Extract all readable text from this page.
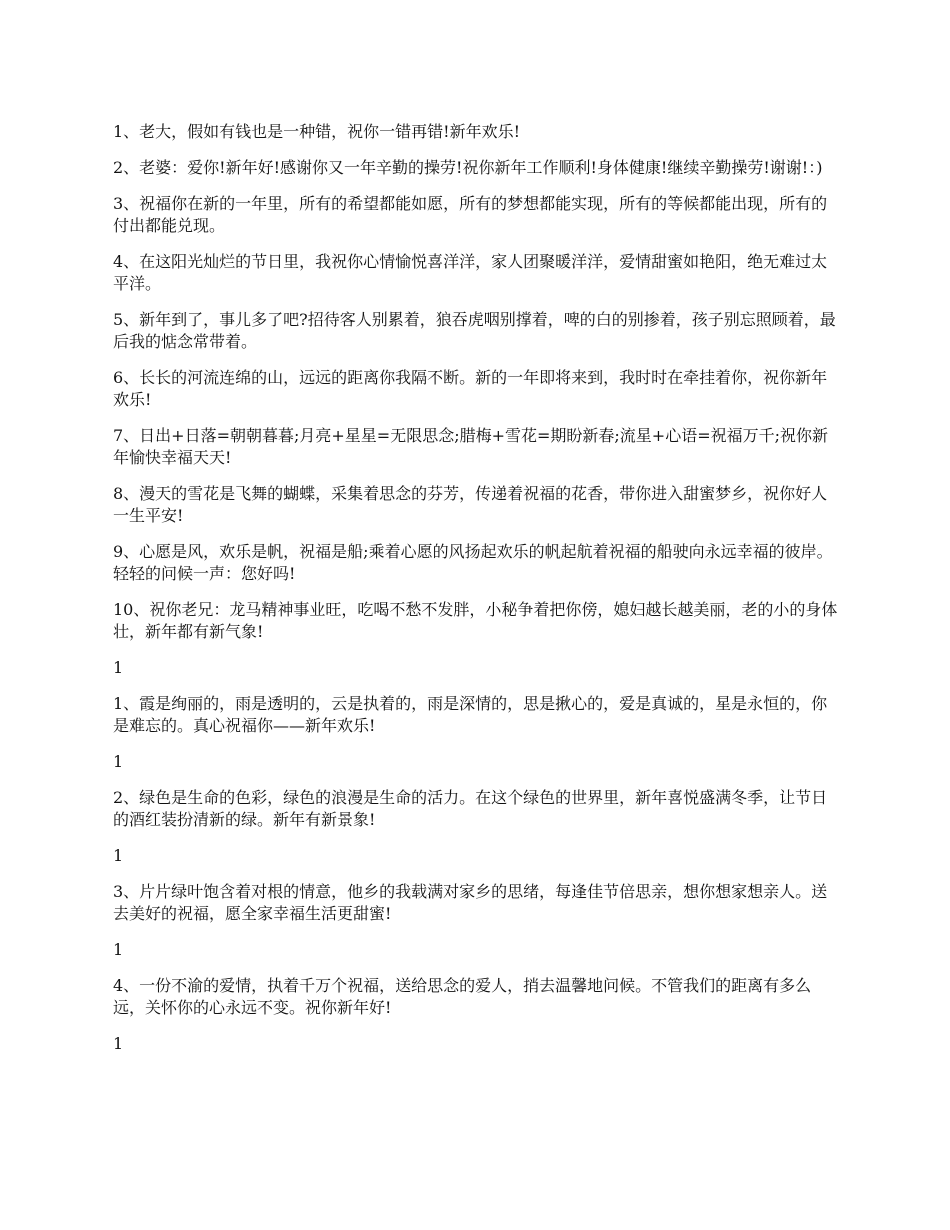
1、老大，假如有钱也是一种错，祝你一错再错!新年欢乐!

2、老婆：爱你!新年好!感谢你又一年辛勤的操劳!祝你新年工作顺利!身体健康!继续辛勤操劳!谢谢!：)

3、祝福你在新的一年里，所有的希望都能如愿，所有的梦想都能实现，所有的等候都能出现，所有的付出都能兑现。

4、在这阳光灿烂的节日里，我祝你心情愉悦喜洋洋，家人团聚暖洋洋，爱情甜蜜如艳阳，绝无难过太平洋。

5、新年到了，事儿多了吧?招待客人别累着，狼吞虎咽别撑着，啤的白的别掺着，孩子别忘照顾着，最后我的惦念常带着。

6、长长的河流连绵的山，远远的距离你我隔不断。新的一年即将来到，我时时在牵挂着你，祝你新年欢乐!

7、日出+日落=朝朝暮暮;月亮+星星=无限思念;腊梅+雪花=期盼新春;流星+心语=祝福万千;祝你新年愉快幸福天天!

8、漫天的雪花是飞舞的蝴蝶，采集着思念的芬芳，传递着祝福的花香，带你进入甜蜜梦乡，祝你好人一生平安!

9、心愿是风，欢乐是帆，祝福是船;乘着心愿的风扬起欢乐的帆起航着祝福的船驶向永远幸福的彼岸。轻轻的问候一声：您好吗!

10、祝你老兄：龙马精神事业旺，吃喝不愁不发胖，小秘争着把你傍，媳妇越长越美丽，老的小的身体壮，新年都有新气象!

1

1、霞是绚丽的，雨是透明的，云是执着的，雨是深情的，思是揪心的，爱是真诚的，星是永恒的，你是难忘的。真心祝福你——新年欢乐!

1

2、绿色是生命的色彩，绿色的浪漫是生命的活力。在这个绿色的世界里，新年喜悦盛满冬季，让节日的酒红装扮清新的绿。新年有新景象!

1

3、片片绿叶饱含着对根的情意，他乡的我载满对家乡的思绪，每逢佳节倍思亲，想你想家想亲人。送去美好的祝福，愿全家幸福生活更甜蜜!

1

4、一份不渝的爱情，执着千万个祝福，送给思念的爱人，捎去温馨地问候。不管我们的距离有多么远，关怀你的心永远不变。祝你新年好!

1
